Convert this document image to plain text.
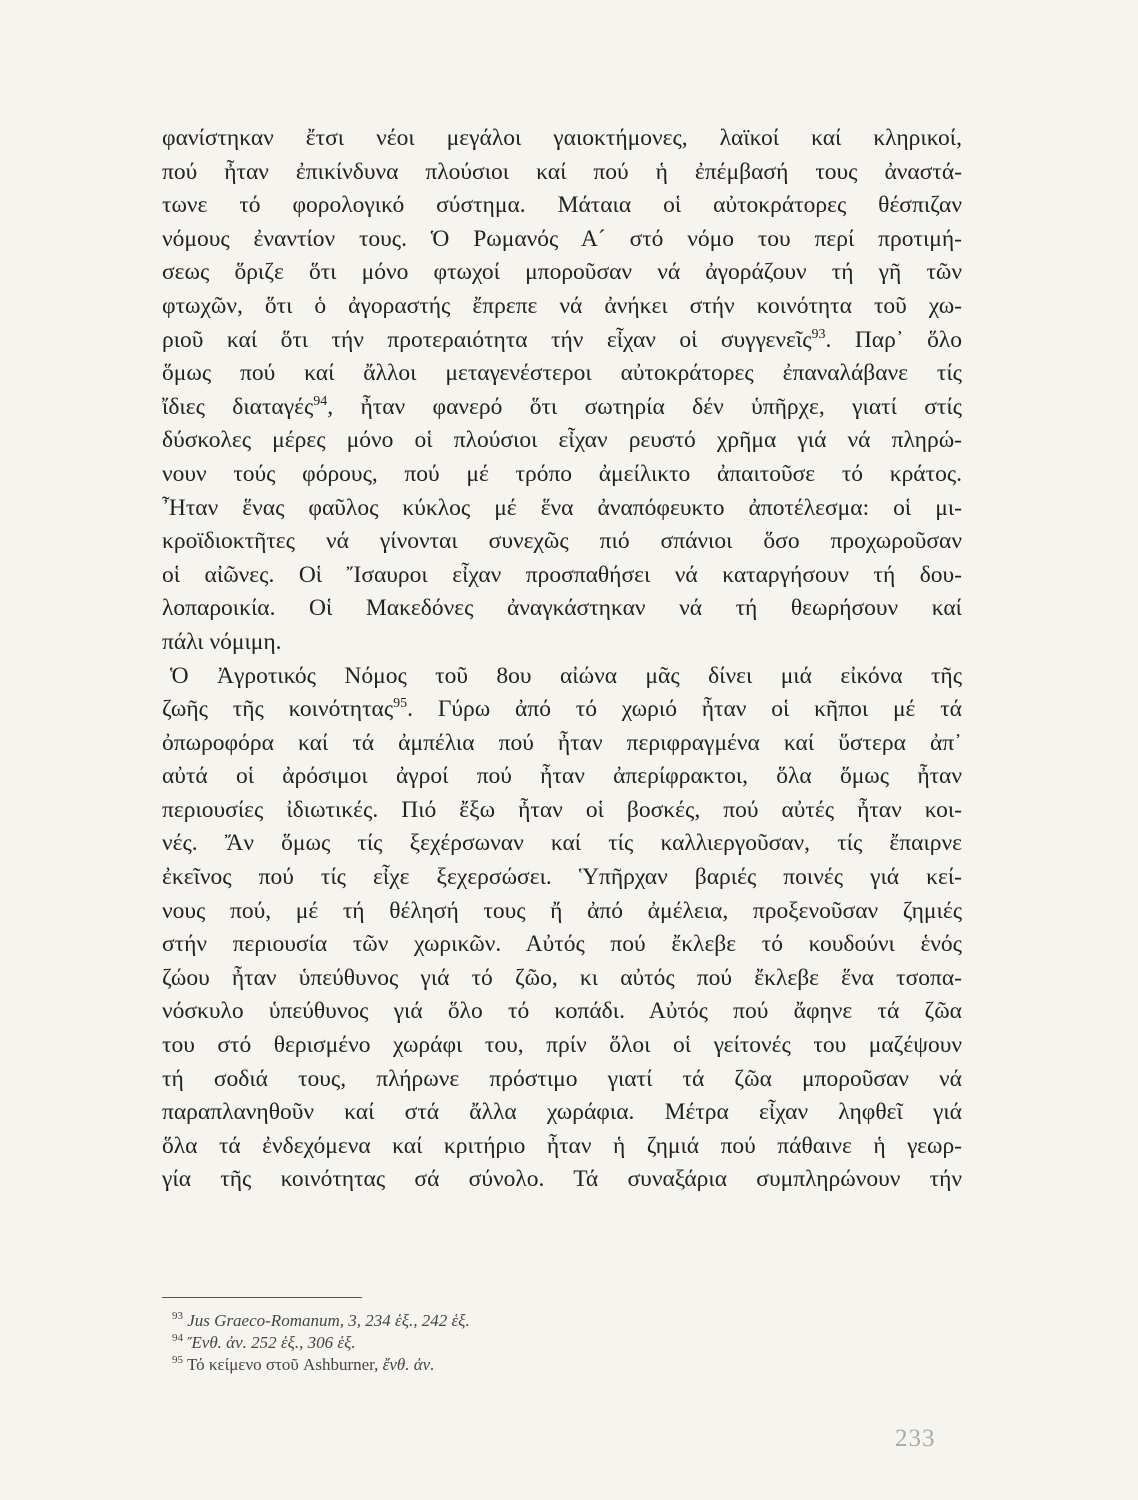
φανίστηκαν ἔτσι νέοι μεγάλοι γαιοκτήμονες, λαϊκοί καί κληρικοί,
πού ἦταν ἐπικίνδυνα πλούσιοι καί πού ἡ ἐπέμβασή τους ἀναστά-
τωνε τό φορολογικό σύστημα. Μάταια οἱ αὐτοκράτορες θέσπιζαν
νόμους ἐναντίον τους. Ὁ Ρωμανός Α´ στό νόμο του περί προτιμή-
σεως ὅριζε ὅτι μόνο φτωχοί μποροῦσαν νά ἀγοράζουν τή γῆ τῶν
φτωχῶν, ὅτι ὁ ἀγοραστής ἔπρεπε νά ἀνήκει στήν κοινότητα τοῦ χω-
ριοῦ καί ὅτι τήν προτεραιότητα τήν εἶχαν οἱ συγγενεῖς$^{93}$. Παρ᾽ ὅλο
ὅμως πού καί ἄλλοι μεταγενέστεροι αὐτοκράτορες ἐπαναλάβανε τίς
ἴδιες διαταγές$^{94}$, ἦταν φανερό ὅτι σωτηρία δέν ὑπῆρχε, γιατί στίς
δύσκολες μέρες μόνο οἱ πλούσιοι εἶχαν ρευστό χρῆμα γιά νά πληρώ-
νουν τούς φόρους, πού μέ τρόπο ἀμείλικτο ἀπαιτοῦσε τό κράτος.
Ἦταν ἕνας φαῦλος κύκλος μέ ἕνα ἀναπόφευκτο ἀποτέλεσμα: οἱ μι-
κροϊδιοκτῆτες νά γίνονται συνεχῶς πιό σπάνιοι ὅσο προχωροῦσαν
οἱ αἰῶνες. Οἱ Ἴσαυροι εἶχαν προσπαθήσει νά καταργήσουν τή δου-
λοπαροικία. Οἱ Μακεδόνες ἀναγκάστηκαν νά τή θεωρήσουν καί
πάλι νόμιμη.
Ὁ Ἀγροτικός Νόμος τοῦ 8ου αἰώνα μᾶς δίνει μιά εἰκόνα τῆς
ζωῆς τῆς κοινότητας$^{95}$. Γύρω ἀπό τό χωριό ἦταν οἱ κῆποι μέ τά
ὀπωροφόρα καί τά ἀμπέλια πού ἦταν περιφραγμένα καί ὕστερα ἀπ᾽
αὐτά οἱ ἀρόσιμοι ἀγροί πού ἦταν ἀπερίφρακτοι, ὅλα ὅμως ἦταν
περιουσίες ἰδιωτικές. Πιό ἔξω ἦταν οἱ βοσκές, πού αὐτές ἦταν κοι-
νές. Ἄν ὅμως τίς ξεχέρσωναν καί τίς καλλιεργοῦσαν, τίς ἔπαιρνε
ἐκεῖνος πού τίς εἶχε ξεχερσώσει. Ὑπῆρχαν βαριές ποινές γιά κεί-
νους πού, μέ τή θέλησή τους ἤ ἀπό ἀμέλεια, προξενοῦσαν ζημιές
στήν περιουσία τῶν χωρικῶν. Αὐτός πού ἔκλεβε τό κουδούνι ἑνός
ζώου ἦταν ὑπεύθυνος γιά τό ζῶο, κι αὐτός πού ἔκλεβε ἕνα τσοπα-
νόσκυλο ὑπεύθυνος γιά ὅλο τό κοπάδι. Αὐτός πού ἄφηνε τά ζῶα
του στό θερισμένο χωράφι του, πρίν ὅλοι οἱ γείτονές του μαζέψουν
τή σοδιά τους, πλήρωνε πρόστιμο γιατί τά ζῶα μποροῦσαν νά
παραπλανηθοῦν καί στά ἄλλα χωράφια. Μέτρα εἶχαν ληφθεῖ γιά
ὅλα τά ἐνδεχόμενα καί κριτήριο ἦταν ἡ ζημιά πού πάθαινε ἡ γεωρ-
γία τῆς κοινότητας σά σύνολο. Τά συναξάρια συμπληρώνουν τήν
$^{93}$ Jus Graeco-Romanum, 3, 234 ἑξ., 242 ἑξ.
$^{94}$ Ἔνθ. ἀν. 252 ἑξ., 306 ἑξ.
$^{95}$ Τό κείμενο στοῦ Ashburner, ἔνθ. ἀν.
233
